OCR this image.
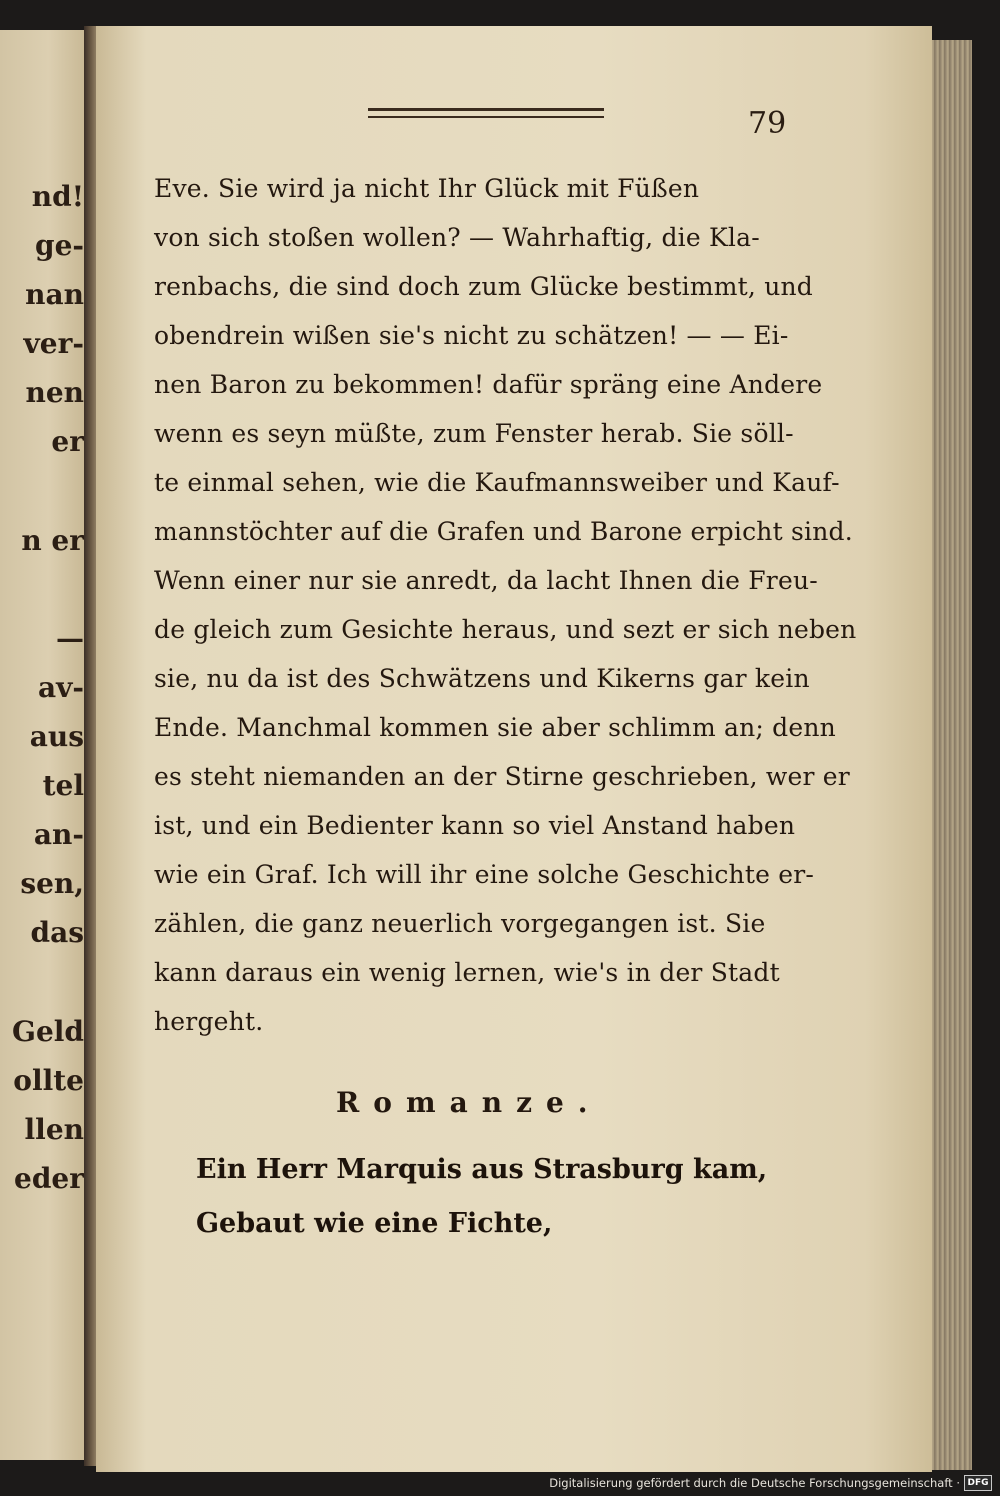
nd!
ge-
nan
ver-
nen
er
n er
—
av-
aus
tel
an-
sen,
das
Geld
ollte
llen
eder
79
Eve. Sie wird ja nicht Ihr Glück mit Füßen
von sich stoßen wollen? — Wahrhaftig, die Kla-
renbachs, die sind doch zum Glücke bestimmt, und
obendrein wißen sie's nicht zu schätzen! — — Ei-
nen Baron zu bekommen! dafür spräng eine Andere
wenn es seyn müßte, zum Fenster herab. Sie söll-
te einmal sehen, wie die Kaufmannsweiber und Kauf-
mannstöchter auf die Grafen und Barone erpicht sind.
Wenn einer nur sie anredt, da lacht Ihnen die Freu-
de gleich zum Gesichte heraus, und sezt er sich neben
sie, nu da ist des Schwätzens und Kikerns gar kein
Ende. Manchmal kommen sie aber schlimm an; denn
es steht niemanden an der Stirne geschrieben, wer er
ist, und ein Bedienter kann so viel Anstand haben
wie ein Graf. Ich will ihr eine solche Geschichte er-
zählen, die ganz neuerlich vorgegangen ist. Sie
kann daraus ein wenig lernen, wie's in der Stadt
hergeht.
Romanze.
Ein Herr Marquis aus Strasburg kam,
Gebaut wie eine Fichte,
Digitalisierung gefördert durch die Deutsche Forschungsgemeinschaft · DFG
